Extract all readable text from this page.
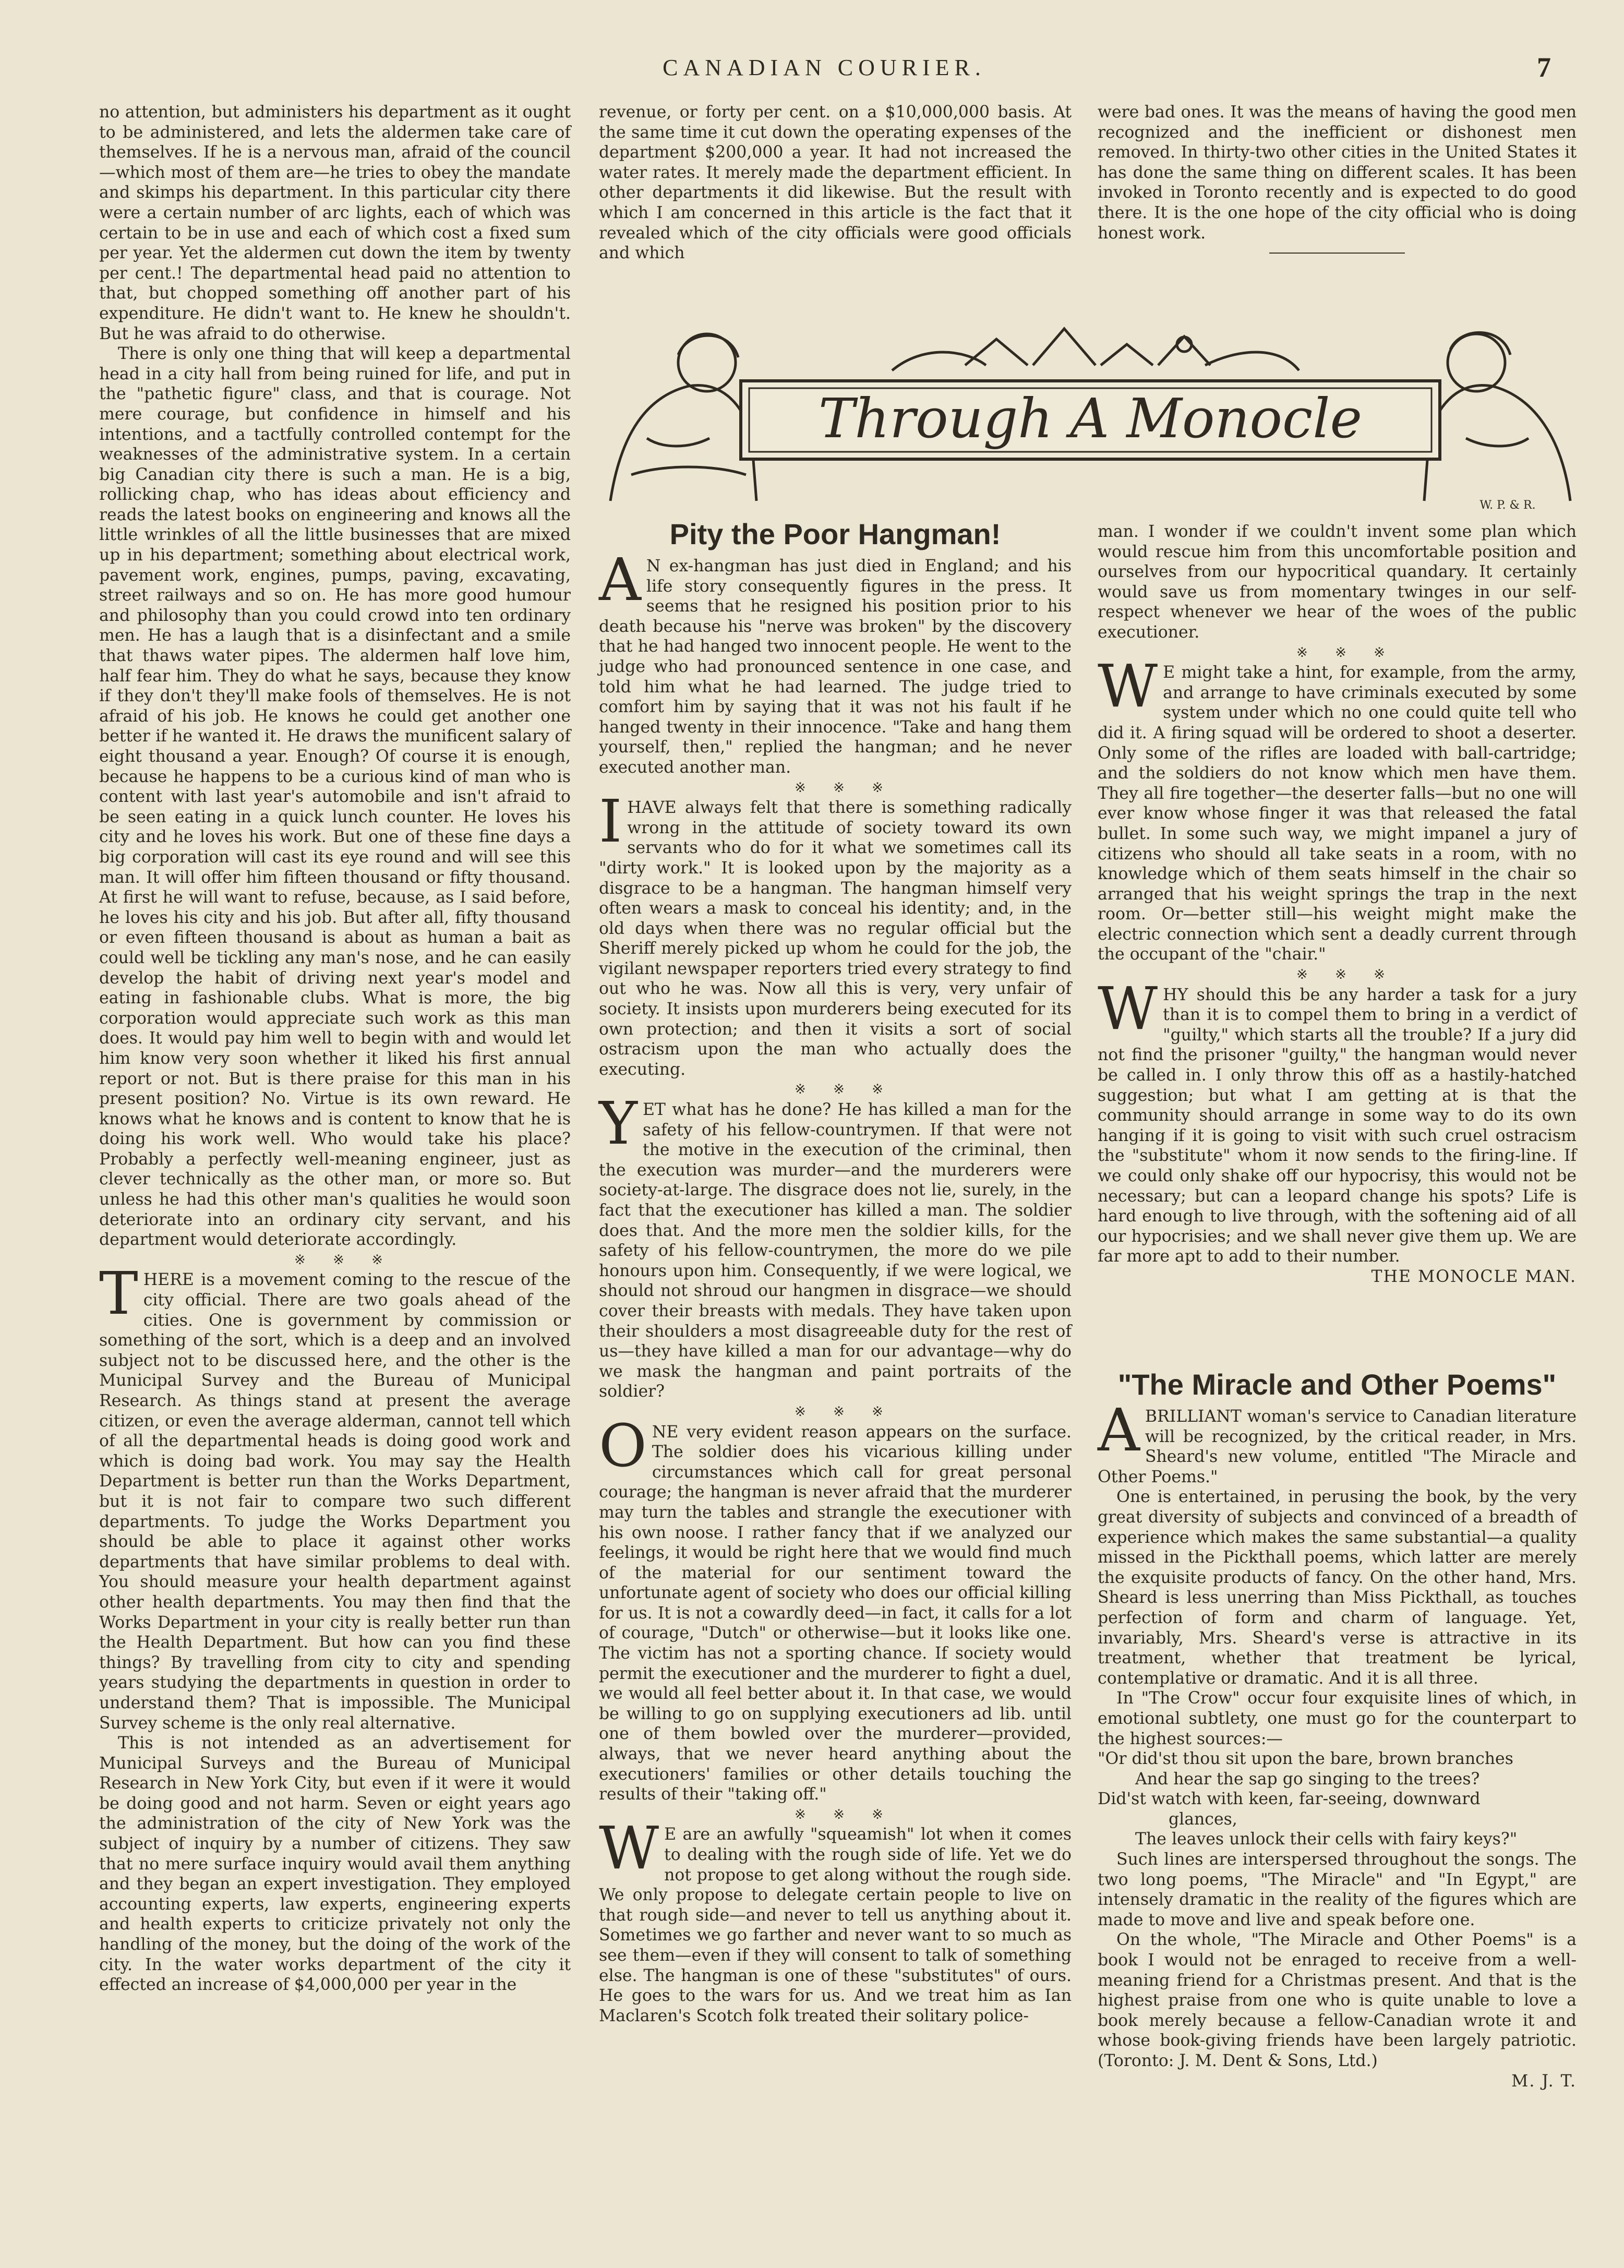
CANADIAN COURIER.	7

no attention, but administers his department as it ought to be administered, and lets the aldermen take care of themselves. If he is a nervous man, afraid of the council—which most of them are—he tries to obey the mandate and skimps his department. In this particular city there were a certain number of arc lights, each of which was certain to be in use and each of which cost a fixed sum per year. Yet the aldermen cut down the item by twenty per cent.! The departmental head paid no attention to that, but chopped something off another part of his expenditure. He didn't want to. He knew he shouldn't. But he was afraid to do otherwise.

There is only one thing that will keep a departmental head in a city hall from being ruined for life, and put in the "pathetic figure" class, and that is courage. Not mere courage, but confidence in himself and his intentions, and a tactfully controlled contempt for the weaknesses of the administrative system. In a certain big Canadian city there is such a man. He is a big, rollicking chap, who has ideas about efficiency and reads the latest books on engineering and knows all the little wrinkles of all the little businesses that are mixed up in his department; something about electrical work, pavement work, engines, pumps, paving, excavating, street railways and so on. He has more good humour and philosophy than you could crowd into ten ordinary men. He has a laugh that is a disinfectant and a smile that thaws water pipes. The aldermen half love him, half fear him. They do what he says, because they know if they don't they'll make fools of themselves. He is not afraid of his job. He knows he could get another one better if he wanted it. He draws the munificent salary of eight thousand a year. Enough? Of course it is enough, because he happens to be a curious kind of man who is content with last year's automobile and isn't afraid to be seen eating in a quick lunch counter. He loves his city and he loves his work. But one of these fine days a big corporation will cast its eye round and will see this man. It will offer him fifteen thousand or fifty thousand. At first he will want to refuse, because, as I said before, he loves his city and his job. But after all, fifty thousand or even fifteen thousand is about as human a bait as could well be tickling any man's nose, and he can easily develop the habit of driving next year's model and eating in fashionable clubs. What is more, the big corporation would appreciate such work as this man does. It would pay him well to begin with and would let him know very soon whether it liked his first annual report or not. But is there praise for this man in his present position? No. Virtue is its own reward. He knows what he knows and is content to know that he is doing his work well. Who would take his place? Probably a perfectly well-meaning engineer, just as clever technically as the other man, or more so. But unless he had this other man's qualities he would soon deteriorate into an ordinary city servant, and his department would deteriorate accordingly.

※ ※ ※

THERE is a movement coming to the rescue of the city official. There are two goals ahead of the cities. One is government by commission or something of the sort, which is a deep and an involved subject not to be discussed here, and the other is the Municipal Survey and the Bureau of Municipal Research. As things stand at present the average citizen, or even the average alderman, cannot tell which of all the departmental heads is doing good work and which is doing bad work. You may say the Health Department is better run than the Works Department, but it is not fair to compare two such different departments. To judge the Works Department you should be able to place it against other works departments that have similar problems to deal with. You should measure your health department against other health departments. You may then find that the Works Department in your city is really better run than the Health Department. But how can you find these things? By travelling from city to city and spending years studying the departments in question in order to understand them? That is impossible. The Municipal Survey scheme is the only real alternative.

This is not intended as an advertisement for Municipal Surveys and the Bureau of Municipal Research in New York City, but even if it were it would be doing good and not harm. Seven or eight years ago the administration of the city of New York was the subject of inquiry by a number of citizens. They saw that no mere surface inquiry would avail them anything and they began an expert investigation. They employed accounting experts, law experts, engineering experts and health experts to criticize privately not only the handling of the money, but the doing of the work of the city. In the water works department of the city it effected an increase of $4,000,000 per year in the

revenue, or forty per cent. on a $10,000,000 basis. At the same time it cut down the operating expenses of the department $200,000 a year. It had not increased the water rates. It merely made the department efficient. In other departments it did likewise. But the result with which I am concerned in this article is the fact that it revealed which of the city officials were good officials and which

were bad ones. It was the means of having the good men recognized and the inefficient or dishonest men removed. In thirty-two other cities in the United States it has done the same thing on different scales. It has been invoked in Toronto recently and is expected to do good there. It is the one hope of the city official who is doing honest work.

Through A Monocle
W. P. & R.
Pity the Poor Hangman!

AN ex-hangman has just died in England; and his life story consequently figures in the press. It seems that he resigned his position prior to his death because his "nerve was broken" by the discovery that he had hanged two innocent people. He went to the judge who had pronounced sentence in one case, and told him what he had learned. The judge tried to comfort him by saying that it was not his fault if he hanged twenty in their innocence. "Take and hang them yourself, then," replied the hangman; and he never executed another man.

※ ※ ※

IHAVE always felt that there is something radically wrong in the attitude of society toward its own servants who do for it what we sometimes call its "dirty work." It is looked upon by the majority as a disgrace to be a hangman. The hangman himself very often wears a mask to conceal his identity; and, in the old days when there was no regular official but the Sheriff merely picked up whom he could for the job, the vigilant newspaper reporters tried every strategy to find out who he was. Now all this is very, very unfair of society. It insists upon murderers being executed for its own protection; and then it visits a sort of social ostracism upon the man who actually does the executing.

※ ※ ※

YET what has he done? He has killed a man for the safety of his fellow-countrymen. If that were not the motive in the execution of the criminal, then the execution was murder—and the murderers were society-at-large. The disgrace does not lie, surely, in the fact that the executioner has killed a man. The soldier does that. And the more men the soldier kills, for the safety of his fellow-countrymen, the more do we pile honours upon him. Consequently, if we were logical, we should not shroud our hangmen in disgrace—we should cover their breasts with medals. They have taken upon their shoulders a most disagreeable duty for the rest of us—they have killed a man for our advantage—why do we mask the hangman and paint portraits of the soldier?

※ ※ ※

ONE very evident reason appears on the surface. The soldier does his vicarious killing under circumstances which call for great personal courage; the hangman is never afraid that the murderer may turn the tables and strangle the executioner with his own noose. I rather fancy that if we analyzed our feelings, it would be right here that we would find much of the material for our sentiment toward the unfortunate agent of society who does our official killing for us. It is not a cowardly deed—in fact, it calls for a lot of courage, "Dutch" or otherwise—but it looks like one. The victim has not a sporting chance. If society would permit the executioner and the murderer to fight a duel, we would all feel better about it. In that case, we would be willing to go on supplying executioners ad lib. until one of them bowled over the murderer—provided, always, that we never heard anything about the executioners' families or other details touching the results of their "taking off."

※ ※ ※

WE are an awfully "squeamish" lot when it comes to dealing with the rough side of life. Yet we do not propose to get along without the rough side. We only propose to delegate certain people to live on that rough side—and never to tell us anything about it. Sometimes we go farther and never want to so much as see them—even if they will consent to talk of something else. The hangman is one of these "substitutes" of ours. He goes to the wars for us. And we treat him as Ian Maclaren's Scotch folk treated their solitary police-

man. I wonder if we couldn't invent some plan which would rescue him from this uncomfortable position and ourselves from our hypocritical quandary. It certainly would save us from momentary twinges in our self-respect whenever we hear of the woes of the public executioner.

※ ※ ※

WE might take a hint, for example, from the army, and arrange to have criminals executed by some system under which no one could quite tell who did it. A firing squad will be ordered to shoot a deserter. Only some of the rifles are loaded with ball-cartridge; and the soldiers do not know which men have them. They all fire together—the deserter falls—but no one will ever know whose finger it was that released the fatal bullet. In some such way, we might impanel a jury of citizens who should all take seats in a room, with no knowledge which of them seats himself in the chair so arranged that his weight springs the trap in the next room. Or—better still—his weight might make the electric connection which sent a deadly current through the occupant of the "chair."

※ ※ ※

WHY should this be any harder a task for a jury than it is to compel them to bring in a verdict of "guilty," which starts all the trouble? If a jury did not find the prisoner "guilty," the hangman would never be called in. I only throw this off as a hastily-hatched suggestion; but what I am getting at is that the community should arrange in some way to do its own hanging if it is going to visit with such cruel ostracism the "substitute" whom it now sends to the firing-line. If we could only shake off our hypocrisy, this would not be necessary; but can a leopard change his spots? Life is hard enough to live through, with the softening aid of all our hypocrisies; and we shall never give them up. We are far more apt to add to their number.

THE MONOCLE MAN.

"The Miracle and Other Poems"

ABRILLIANT woman's service to Canadian literature will be recognized, by the critical reader, in Mrs. Sheard's new volume, entitled "The Miracle and Other Poems."

One is entertained, in perusing the book, by the very great diversity of subjects and convinced of a breadth of experience which makes the same substantial—a quality missed in the Pickthall poems, which latter are merely the exquisite products of fancy. On the other hand, Mrs. Sheard is less unerring than Miss Pickthall, as touches perfection of form and charm of language. Yet, invariably, Mrs. Sheard's verse is attractive in its treatment, whether that treatment be lyrical, contemplative or dramatic. And it is all three.

In "The Crow" occur four exquisite lines of which, in emotional subtlety, one must go for the counterpart to the highest sources:—

"Or did'st thou sit upon the bare, brown branches

And hear the sap go singing to the trees?

Did'st watch with keen, far-seeing, downward

glances,

The leaves unlock their cells with fairy keys?"

Such lines are interspersed throughout the songs. The two long poems, "The Miracle" and "In Egypt," are intensely dramatic in the reality of the figures which are made to move and live and speak before one.

On the whole, "The Miracle and Other Poems" is a book I would not be enraged to receive from a well-meaning friend for a Christmas present. And that is the highest praise from one who is quite unable to love a book merely because a fellow-Canadian wrote it and whose book-giving friends have been largely patriotic. (Toronto: J. M. Dent & Sons, Ltd.)

M. J. T.
